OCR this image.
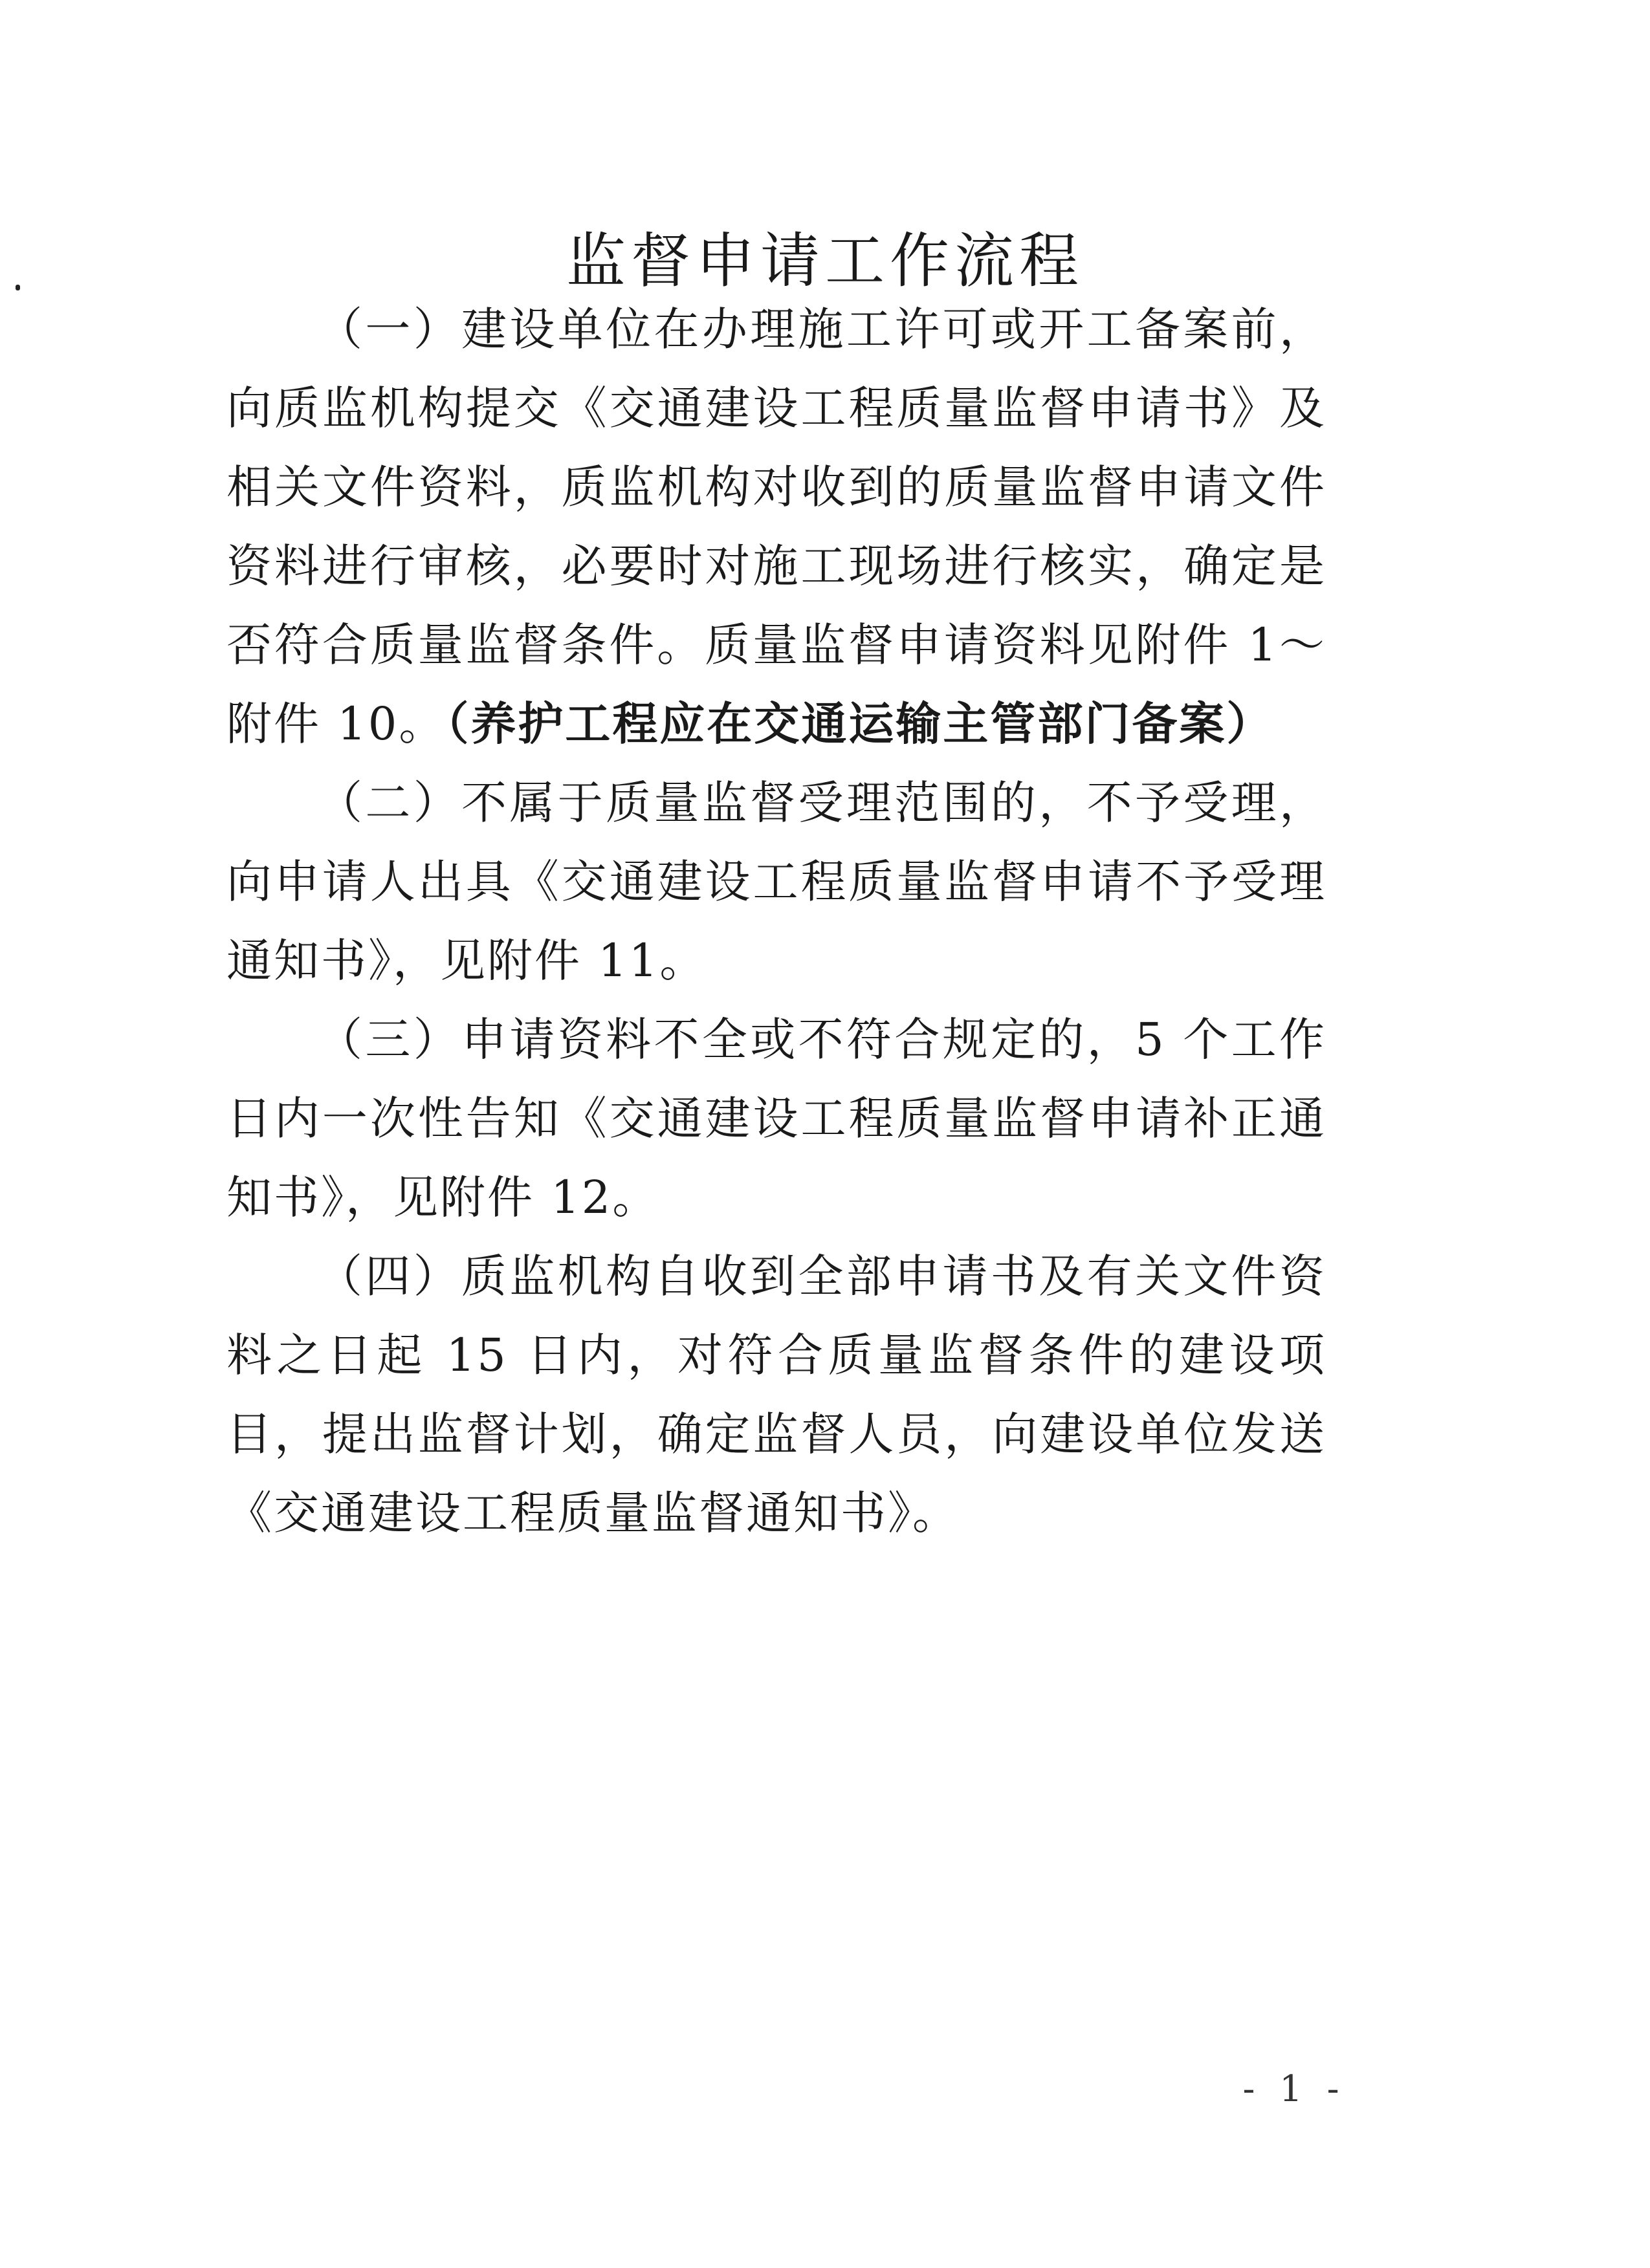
监督申请工作流程

（一）建设单位在办理施工许可或开工备案前，向质监机构提交《交通建设工程质量监督申请书》及相关文件资料，质监机构对收到的质量监督申请文件资料进行审核，必要时对施工现场进行核实，确定是否符合质量监督条件。质量监督申请资料见附件 1～附件 10。（养护工程应在交通运输主管部门备案）

（二）不属于质量监督受理范围的，不予受理，向申请人出具《交通建设工程质量监督申请不予受理通知书》，见附件 11。

（三）申请资料不全或不符合规定的，5 个工作日内一次性告知《交通建设工程质量监督申请补正通知书》，见附件 12。

（四）质监机构自收到全部申请书及有关文件资料之日起 15 日内，对符合质量监督条件的建设项目，提出监督计划，确定监督人员，向建设单位发送《交通建设工程质量监督通知书》。

- 1 -
